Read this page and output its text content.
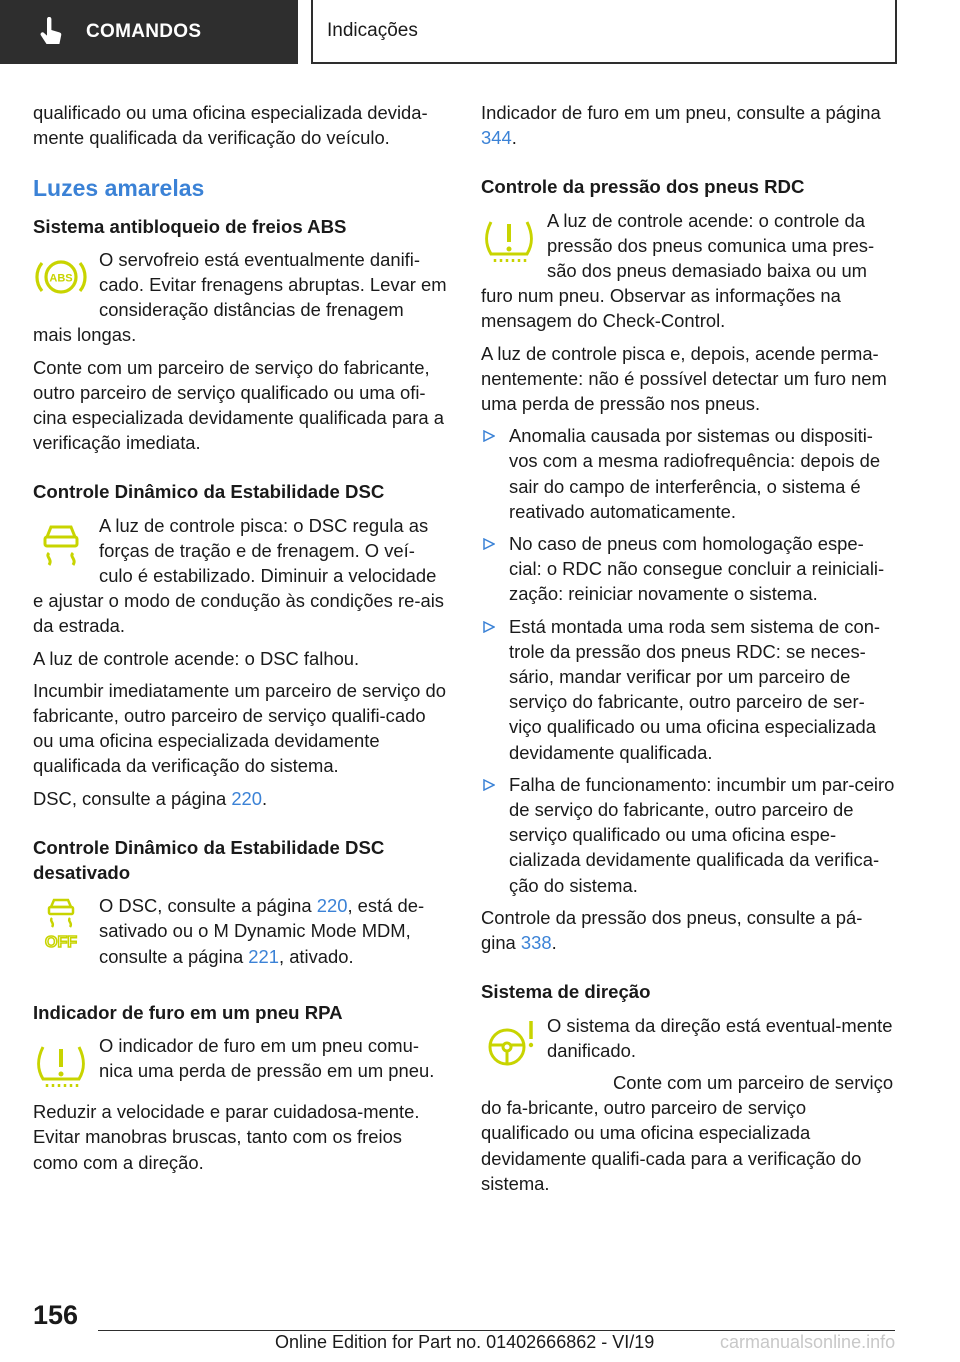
COMANDOS	Indicações

qualificado ou uma oficina especializada devida-mente qualificada da verificação do veículo.

Luzes amarelas
Sistema antibloqueio de freios ABS
ABS

O servofreio está eventualmente danifi-cado. Evitar frenagens abruptas. Levar em consideração distâncias de frenagem mais longas.

Conte com um parceiro de serviço do fabricante, outro parceiro de serviço qualificado ou uma ofi-cina especializada devidamente qualificada para a verificação imediata.

Controle Dinâmico da Estabilidade DSC

A luz de controle pisca: o DSC regula as forças de tração e de frenagem. O veí-culo é estabilizado. Diminuir a velocidade e ajustar o modo de condução às condições re-ais da estrada.

A luz de controle acende: o DSC falhou.

Incumbir imediatamente um parceiro de serviço do fabricante, outro parceiro de serviço qualifi-cado ou uma oficina especializada devidamente qualificada da verificação do sistema.

DSC, consulte a página 220.

Controle Dinâmico da Estabilidade DSC desativado
OFF

O DSC, consulte a página 220, está de-sativado ou o M Dynamic Mode MDM, consulte a página 221, ativado.

Indicador de furo em um pneu RPA

O indicador de furo em um pneu comu-nica uma perda de pressão em um pneu.

Reduzir a velocidade e parar cuidadosa-mente. Evitar manobras bruscas, tanto com os freios como com a direção.

Indicador de furo em um pneu, consulte a página 344.

Controle da pressão dos pneus RDC

A luz de controle acende: o controle da pressão dos pneus comunica uma pres-são dos pneus demasiado baixa ou um furo num pneu. Observar as informações na mensagem do Check-Control.

A luz de controle pisca e, depois, acende perma-nentemente: não é possível detectar um furo nem uma perda de pressão nos pneus.

Anomalia causada por sistemas ou dispositi-vos com a mesma radiofrequência: depois de sair do campo de interferência, o sistema é reativado automaticamente.
No caso de pneus com homologação espe-cial: o RDC não consegue concluir a reiniciali-zação: reiniciar novamente o sistema.
Está montada uma roda sem sistema de con-trole da pressão dos pneus RDC: se neces-sário, mandar verificar por um parceiro de serviço do fabricante, outro parceiro de ser-viço qualificado ou uma oficina especializada devidamente qualificada.
Falha de funcionamento: incumbir um par-ceiro de serviço do fabricante, outro parceiro de serviço qualificado ou uma oficina espe-cializada devidamente qualificada da verifica-ção do sistema.

Controle da pressão dos pneus, consulte a pá-gina 338.

Sistema de direção

O sistema da direção está eventual-mente danificado.

Conte com um parceiro de serviço do fa-bricante, outro parceiro de serviço qualificado ou uma oficina especializada devidamente qualifi-cada para a verificação do sistema.

156
Online Edition for Part no. 01402666862 - VI/19	carmanualsonline.info
